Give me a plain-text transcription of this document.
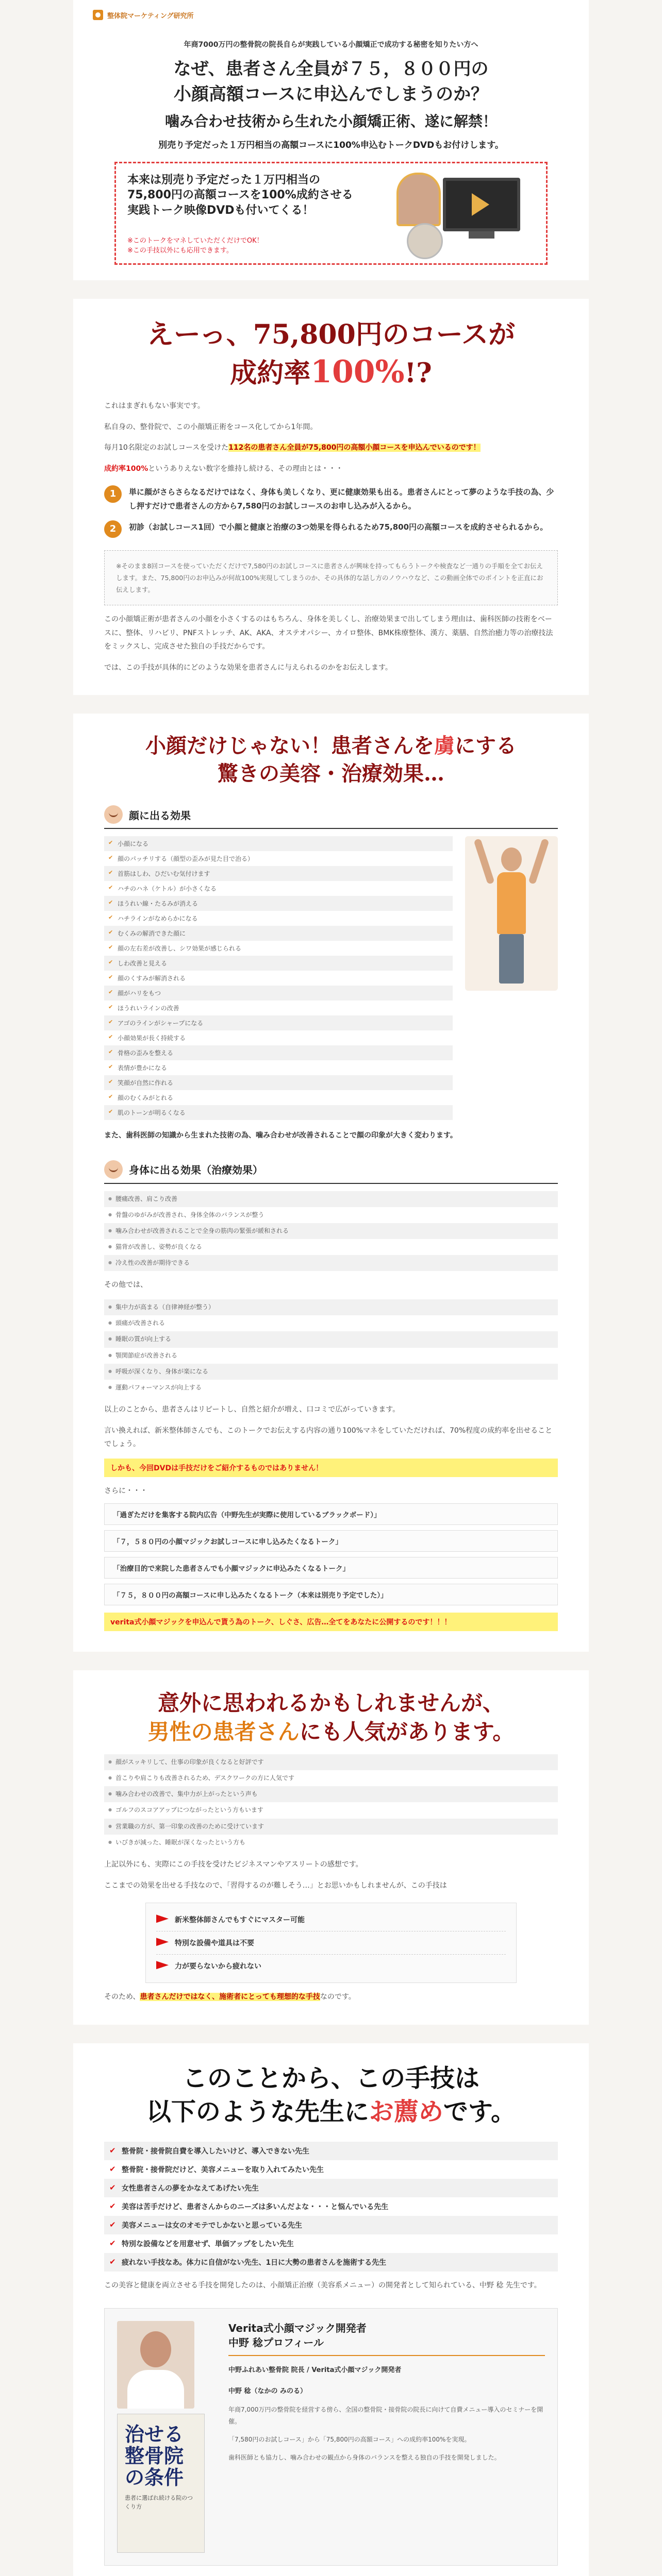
整体院マーケティング研究所
年商7000万円の整骨院の院長自らが実践している小顔矯正で成功する秘密を知りたい方へ
なぜ、患者さん全員が７５，８００円の
小顔高額コースに申込んでしまうのか？
噛み合わせ技術から生れた小顔矯正術、遂に解禁！
別売り予定だった１万円相当の高額コースに100%申込むトークDVDもお付けします。
本来は別売り予定だった１万円相当の
75,800円の高額コースを100%成約させる
実践トーク映像DVDも付いてくる！
※このトークをマネしていただくだけでOK！
※この手技以外にも応用できます。
えーっ、75,800円のコースが
成約率100%!?

これはまぎれもない事実です。

私自身の、整骨院で、この小顔矯正術をコース化してから1年間。

毎月10名限定のお試しコースを受けた112名の患者さん全員が75,800円の高額小顔コースを申込んでいるのです！

成約率100%というありえない数字を維持し続ける、その理由とは・・・

1	単に顔がさらさらなるだけではなく、身体も美しくなり、更に健康効果も出る。患者さんにとって夢のような手技の為、少し押すだけで患者さんの方から7,580円のお試しコースのお申し込みが入るから。
2	初診（お試しコース1回）で小顔と健康と治療の3つ効果を得られるため75,800円の高額コースを成約させられるから。
※そのまま8回コースを使っていただくだけで7,580円のお試しコースに患者さんが興味を持ってもらうトークや検査など一通りの手順を全てお伝えします。また、75,800円のお申込みが何故100%実現してしまうのか、その具体的な話し方のノウハウなど、この動画全体でのポイントを正直にお伝えします。

この小顔矯正術が患者さんの小顔を小さくするのはもちろん、身体を美しくし、治療効果まで出してしまう理由は、歯科医師の技術をベースに、整体、リハビリ、PNFストレッチ、AK、AKA、オステオパシー、カイロ整体、BMK株療整体、漢方、薬膳、自然治癒力等の治療技法をミックスし、完成させた独自の手技だからです。

では、この手技が具体的にどのような効果を患者さんに与えられるのかをお伝えします。

小顔だけじゃない！患者さんを虜にする
驚きの美容・治療効果…
顔に出る効果
✔ 小顔になる
✔ 顔のパッチリする（顔型の歪みが見た目で治る）
✔ 首筋はしわ、ひだいむ気付けます
✔ ハチのハネ（ケトル）が小さくなる
✔ ほうれい線・たるみが消える
✔ ハチラインがなめらかになる
✔ むくみの解消できた顔に
✔ 顔の左右差が改善し、シワ効果が感じられる
✔ しわ改善と見える
✔ 顔のくすみが解消される
✔ 顔がハリをもつ
✔ ほうれいラインの改善
✔ アゴのラインがシャープになる
✔ 小顔効果が長く持続する
✔ 骨格の歪みを整える
✔ 表情が豊かになる
✔ 笑顔が自然に作れる
✔ 顔のむくみがとれる
✔ 肌のトーンが明るくなる
また、歯科医師の知識から生まれた技術の為、噛み合わせが改善されることで顔の印象が大きく変わります。
身体に出る効果（治療効果）
● 腰痛改善、肩こり改善
● 骨盤のゆがみが改善され、身体全体のバランスが整う
● 噛み合わせが改善されることで全身の筋肉の緊張が緩和される
● 猫背が改善し、姿勢が良くなる
● 冷え性の改善が期待できる

その他では、

● 集中力が高まる（自律神経が整う）
● 頭痛が改善される
● 睡眠の質が向上する
● 顎関節症が改善される
● 呼吸が深くなり、身体が楽になる
● 運動パフォーマンスが向上する

以上のことから、患者さんはリピートし、自然と紹介が増え、口コミで広がっていきます。

言い換えれば、新米整体師さんでも、このトークでお伝えする内容の通り100%マネをしていただければ、70%程度の成約率を出せることでしょう。

しかも、今回DVDは手技だけをご紹介するものではありません！

さらに・・・

「過ぎただけを集客する院内広告（中野先生が実際に使用しているブラックボード）」
「７，５８０円の小顔マジックお試しコースに申し込みたくなるトーク」
「治療目的で来院した患者さんでも小顔マジックに申込みたくなるトーク」
「７５，８００円の高額コースに申し込みたくなるトーク（本来は別売り予定でした）」
verita式小顔マジックを申込んで貰う為のトーク、しぐさ、広告…全てをあなたに公開するのです！！！
意外に思われるかもしれませんが、
男性の患者さんにも人気があります。
● 顔がスッキリして、仕事の印象が良くなると好評です
● 首こりや肩こりも改善されるため、デスクワークの方に人気です
● 噛み合わせの改善で、集中力が上がったという声も
● ゴルフのスコアアップにつながったという方もいます
● 営業職の方が、第一印象の改善のために受けています
● いびきが減った、睡眠が深くなったという方も

上記以外にも、実際にこの手技を受けたビジネスマンやアスリートの感想です。

ここまでの効果を出せる手技なので、「習得するのが難しそう…」とお思いかもしれませんが、この手技は

新米整体師さんでもすぐにマスター可能
特別な設備や道具は不要
力が要らないから疲れない

そのため、患者さんだけではなく、施術者にとっても理想的な手技なのです。

このことから、この手技は
以下のような先生にお薦めです。
✔ 整骨院・接骨院自費を導入したいけど、導入できない先生
✔ 整骨院・接骨院だけど、美容メニューを取り入れてみたい先生
✔ 女性患者さんの夢をかなえてあげたい先生
✔ 美容は苦手だけど、患者さんからのニーズは多いんだよな・・・と悩んでいる先生
✔ 美容メニューは女のオモテでしかないと思っている先生
✔ 特別な設備などを用意せず、単価アップをしたい先生
✔ 疲れない手技なあ。体力に自信がない先生、1日に大勢の患者さんを施術する先生

この美容と健康を両立させる手技を開発したのは、小顔矯正治療（美容系メニュー）の開発者として知られている、中野 稔 先生です。

治せる整骨院の条件
患者に選ばれ続ける院のつくり方
Verita式小顔マジック開発者
中野 稔プロフィール

中野ふれあい整骨院 院長 / Verita式小顔マジック開発者

中野 稔（なかの みのる）

年商7,000万円の整骨院を経営する傍ら、全国の整骨院・接骨院の院長に向けて自費メニュー導入のセミナーを開催。

「7,580円のお試しコース」から「75,800円の高額コース」への成約率100%を実現。

歯科医師とも協力し、噛み合わせの観点から身体のバランスを整える独自の手技を開発しました。
